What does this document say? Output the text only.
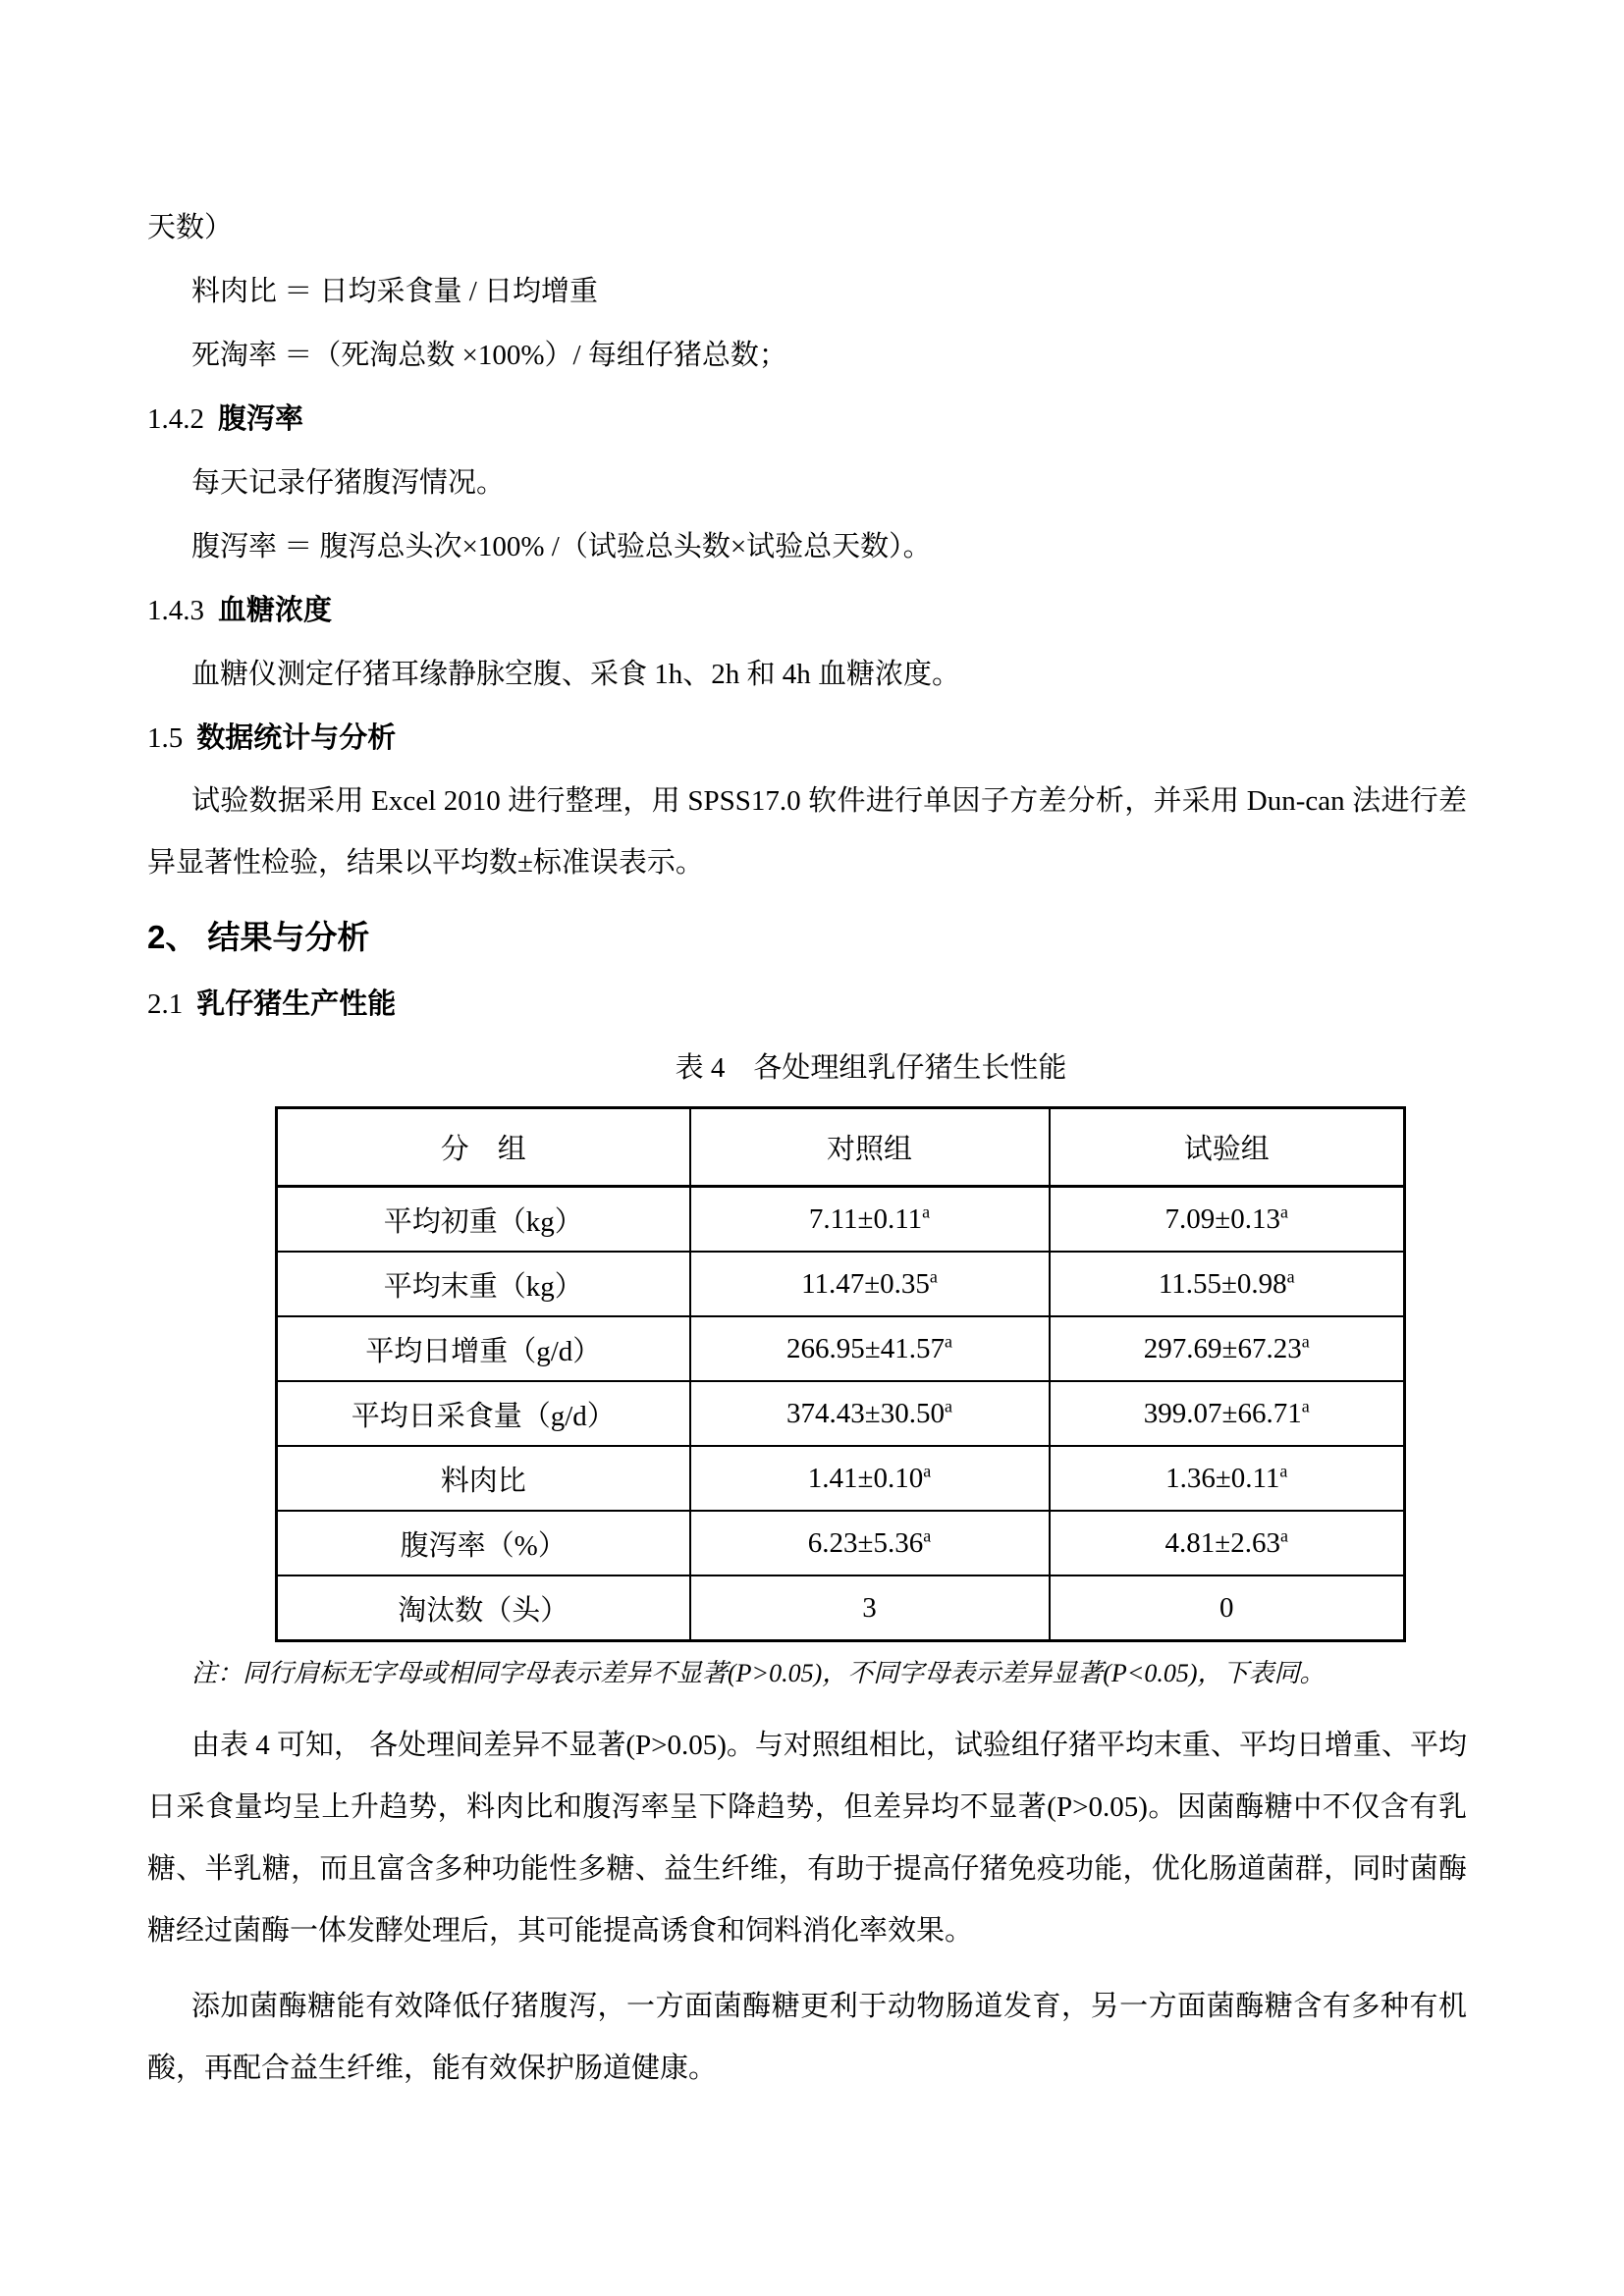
天数）

料肉比 ＝ 日均采食量 / 日均增重

死淘率 ＝（死淘总数 ×100%）/ 每组仔猪总数；

1.4.2 腹泻率

每天记录仔猪腹泻情况。

腹泻率 ＝ 腹泻总头次×100% /（试验总头数×试验总天数）。

1.4.3 血糖浓度

血糖仪测定仔猪耳缘静脉空腹、采食 1h、2h 和 4h 血糖浓度。

1.5 数据统计与分析

试验数据采用 Excel 2010 进行整理，用 SPSS17.0 软件进行单因子方差分析，并采用 Dun-can 法进行差异显著性检验，结果以平均数±标准误表示。

2、 结果与分析
2.1 乳仔猪生产性能

表 4　各处理组乳仔猪生长性能

分　组	对照组	试验组
平均初重（kg）	7.11±0.11$^a$	7.09±0.13$^a$
平均末重（kg）	11.47±0.35$^a$	11.55±0.98$^a$
平均日增重（g/d）	266.95±41.57$^a$	297.69±67.23$^a$
平均日采食量（g/d）	374.43±30.50$^a$	399.07±66.71$^a$
料肉比	1.41±0.10$^a$	1.36±0.11$^a$
腹泻率（%）	6.23±5.36$^a$	4.81±2.63$^a$
淘汰数（头）	3	0

注：同行肩标无字母或相同字母表示差异不显著(P>0.05)，不同字母表示差异显著(P<0.05)，下表同。

由表 4 可知， 各处理间差异不显著(P>0.05)。与对照组相比，试验组仔猪平均末重、平均日增重、平均日采食量均呈上升趋势，料肉比和腹泻率呈下降趋势，但差异均不显著(P>0.05)。因菌酶糖中不仅含有乳糖、半乳糖，而且富含多种功能性多糖、益生纤维，有助于提高仔猪免疫功能，优化肠道菌群，同时菌酶糖经过菌酶一体发酵处理后，其可能提高诱食和饲料消化率效果。

添加菌酶糖能有效降低仔猪腹泻，一方面菌酶糖更利于动物肠道发育，另一方面菌酶糖含有多种有机酸，再配合益生纤维，能有效保护肠道健康。
